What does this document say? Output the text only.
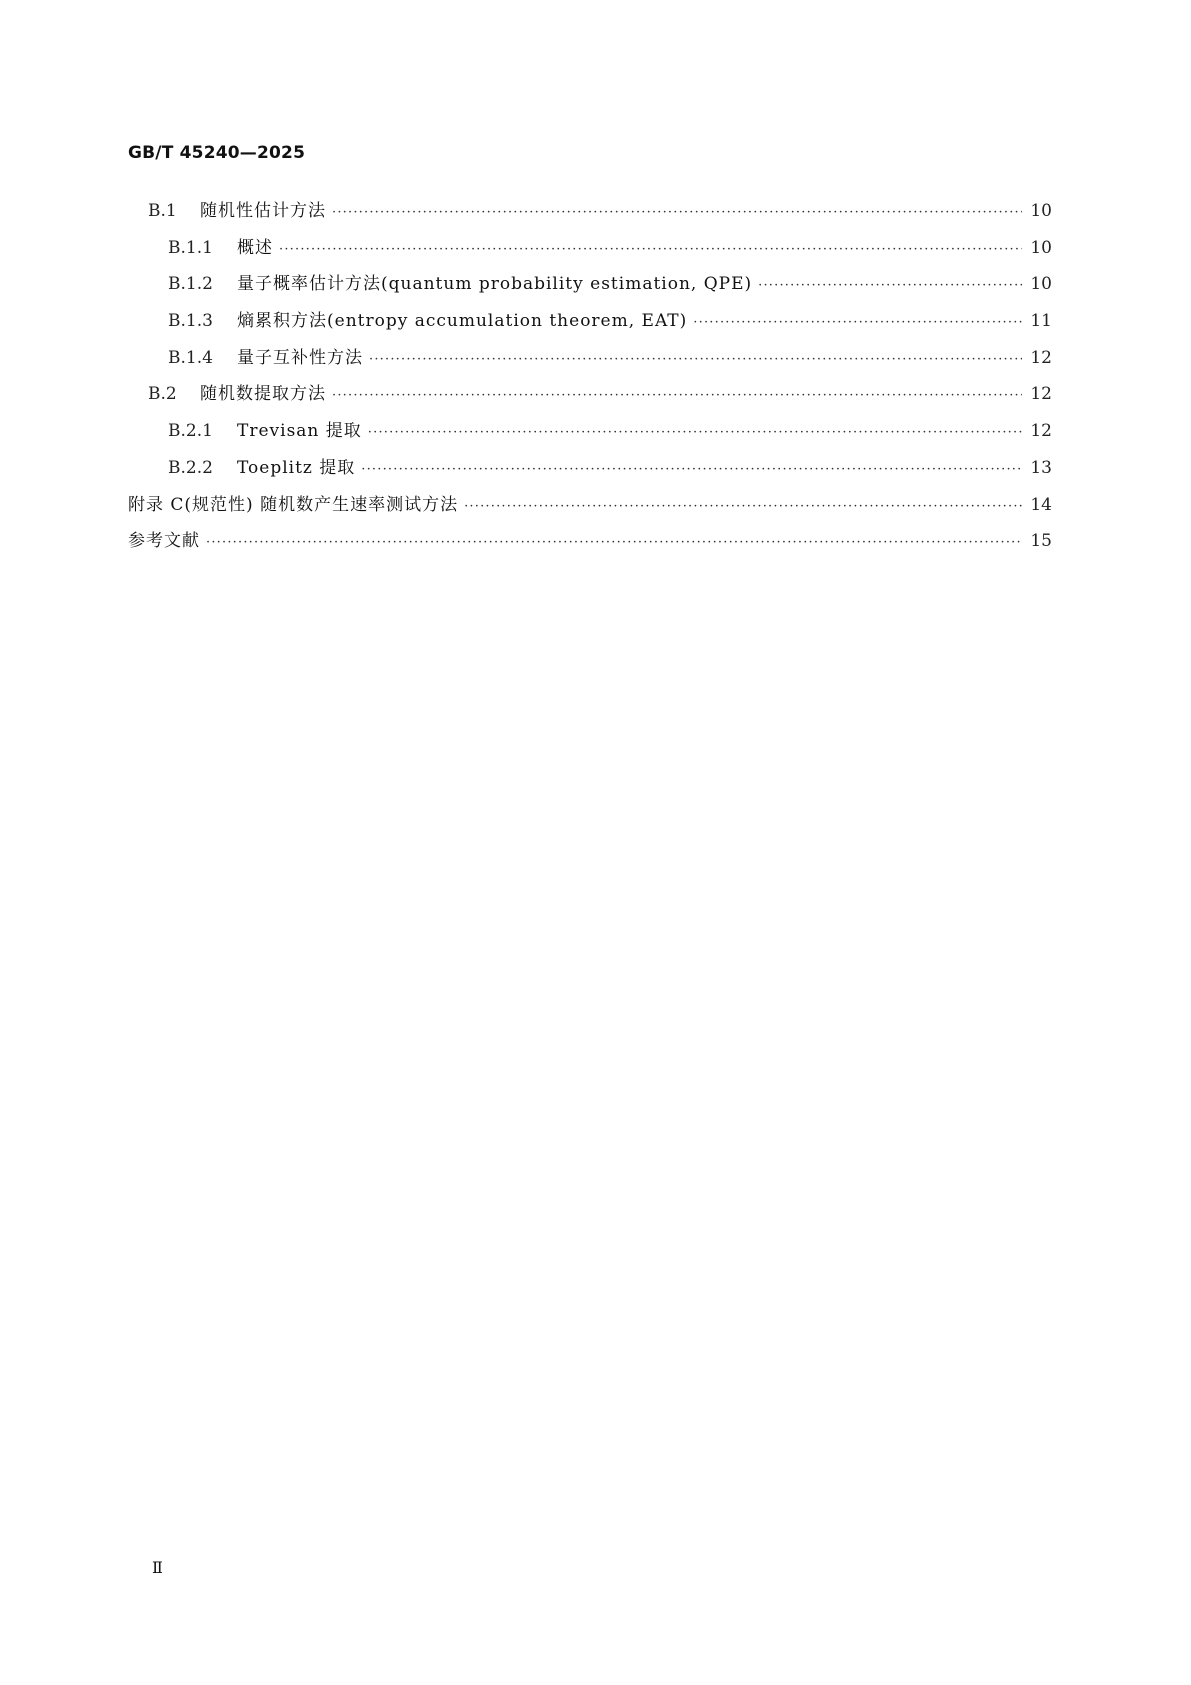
GB/T 45240—2025
B.1	随机性估计方法 ·····	10
B.1.1	概述 ·····	10
B.1.2	量子概率估计方法(quantum probability estimation, QPE) ·····	10
B.1.3	熵累积方法(entropy accumulation theorem, EAT) ·····	11
B.1.4	量子互补性方法 ·····	12
B.2	随机数提取方法 ·····	12
B.2.1	Trevisan 提取 ·····	12
B.2.2	Toeplitz 提取 ·····	13
附录 C(规范性) 随机数产生速率测试方法 ·····	14
参考文献 ·····	15
Ⅱ
